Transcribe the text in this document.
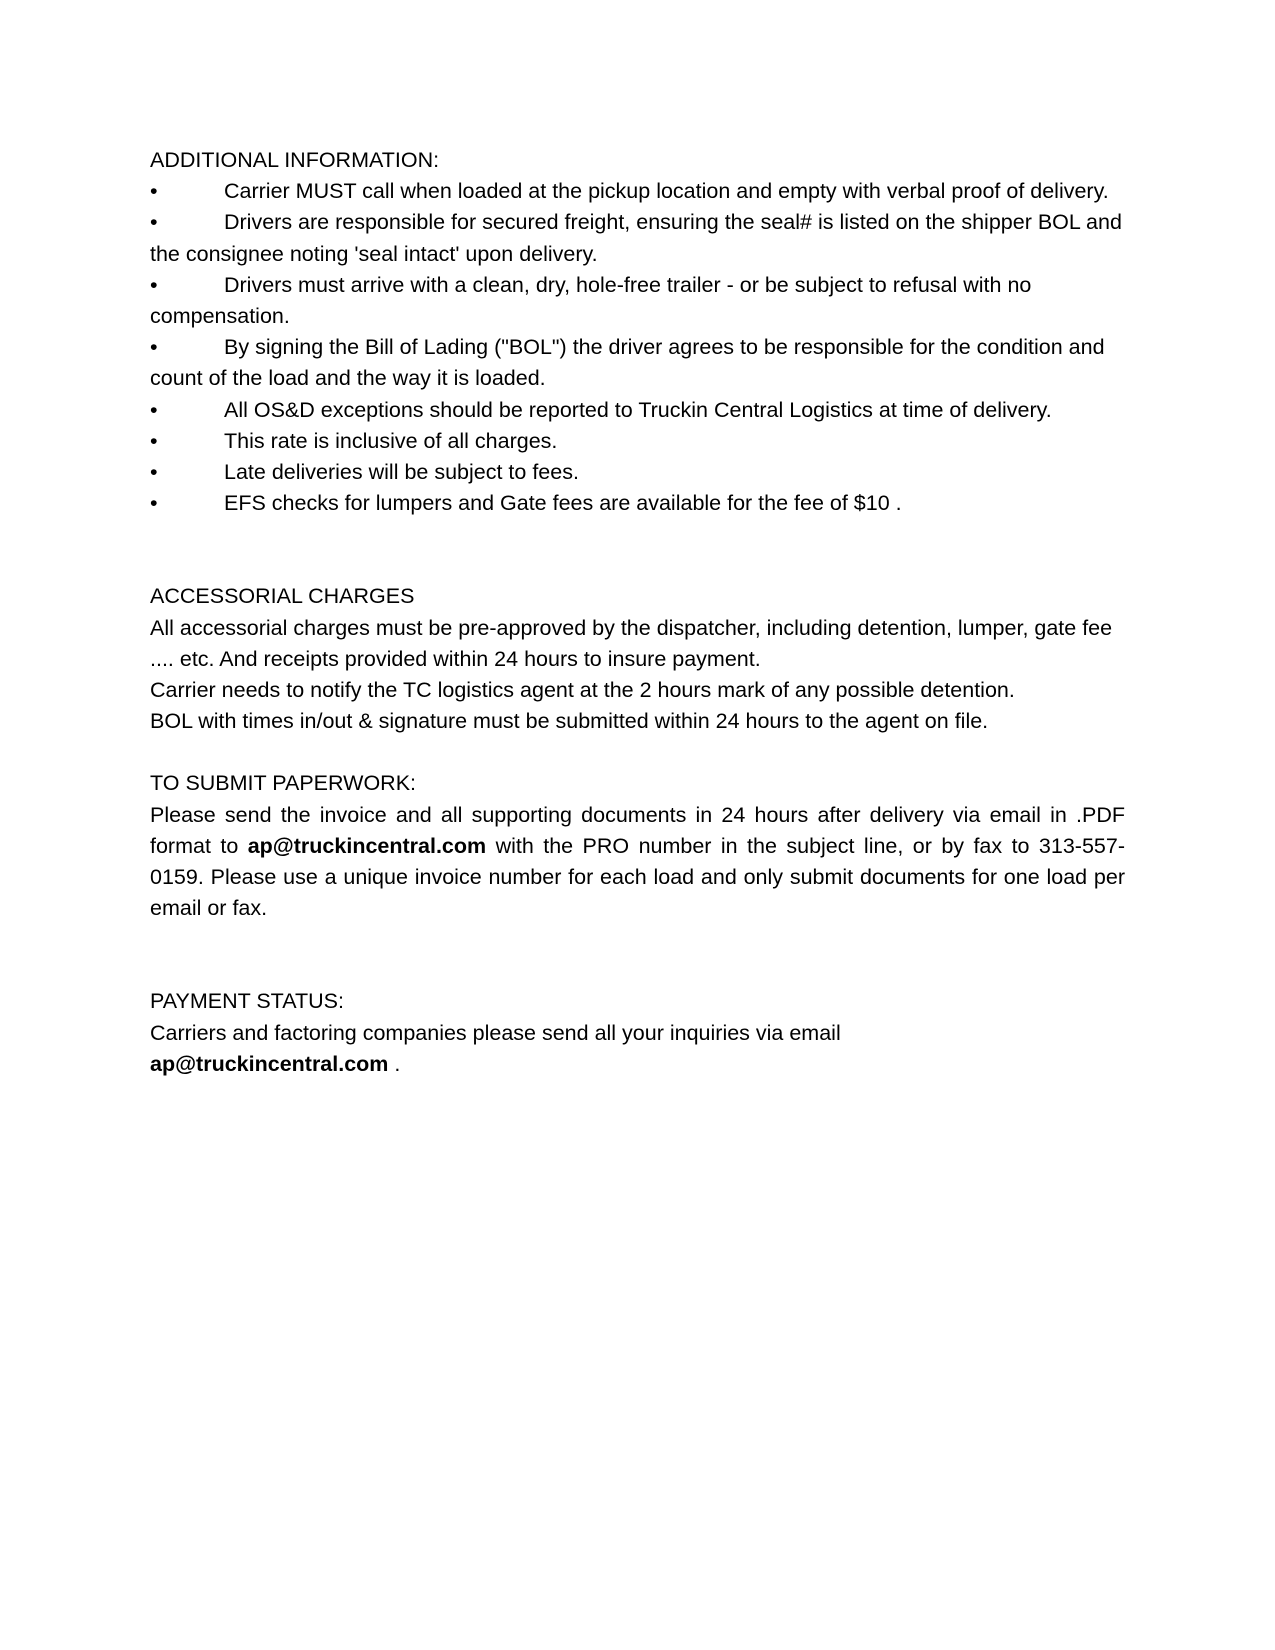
ADDITIONAL INFORMATION:

•	Carrier MUST call when loaded at the pickup location and empty with verbal proof of delivery.
•	Drivers are responsible for secured freight, ensuring the seal# is listed on the shipper BOL and the consignee noting 'seal intact' upon delivery.
•	Drivers must arrive with a clean, dry, hole-free trailer - or be subject to refusal with no compensation.
•	By signing the Bill of Lading ("BOL") the driver agrees to be responsible for the condition and count of the load and the way it is loaded.
•	All OS&D exceptions should be reported to Truckin Central Logistics at time of delivery.
•	This rate is inclusive of all charges.
•	Late deliveries will be subject to fees.
•	EFS checks for lumpers and Gate fees are available for the fee of $10 .

ACCESSORIAL CHARGES

All accessorial charges must be pre-approved by the dispatcher, including detention, lumper, gate fee .... etc. And receipts provided within 24 hours to insure payment.

Carrier needs to notify the TC logistics agent at the 2 hours mark of any possible detention.

BOL with times in/out & signature must be submitted within 24 hours to the agent on file.

TO SUBMIT PAPERWORK:

Please send the invoice and all supporting documents in 24 hours after delivery via email in .PDF format to ap@truckincentral.com with the PRO number in the subject line, or by fax to 313-557-0159. Please use a unique invoice number for each load and only submit documents for one load per email or fax.

PAYMENT STATUS:

Carriers and factoring companies please send all your inquiries via email

ap@truckincentral.com .
